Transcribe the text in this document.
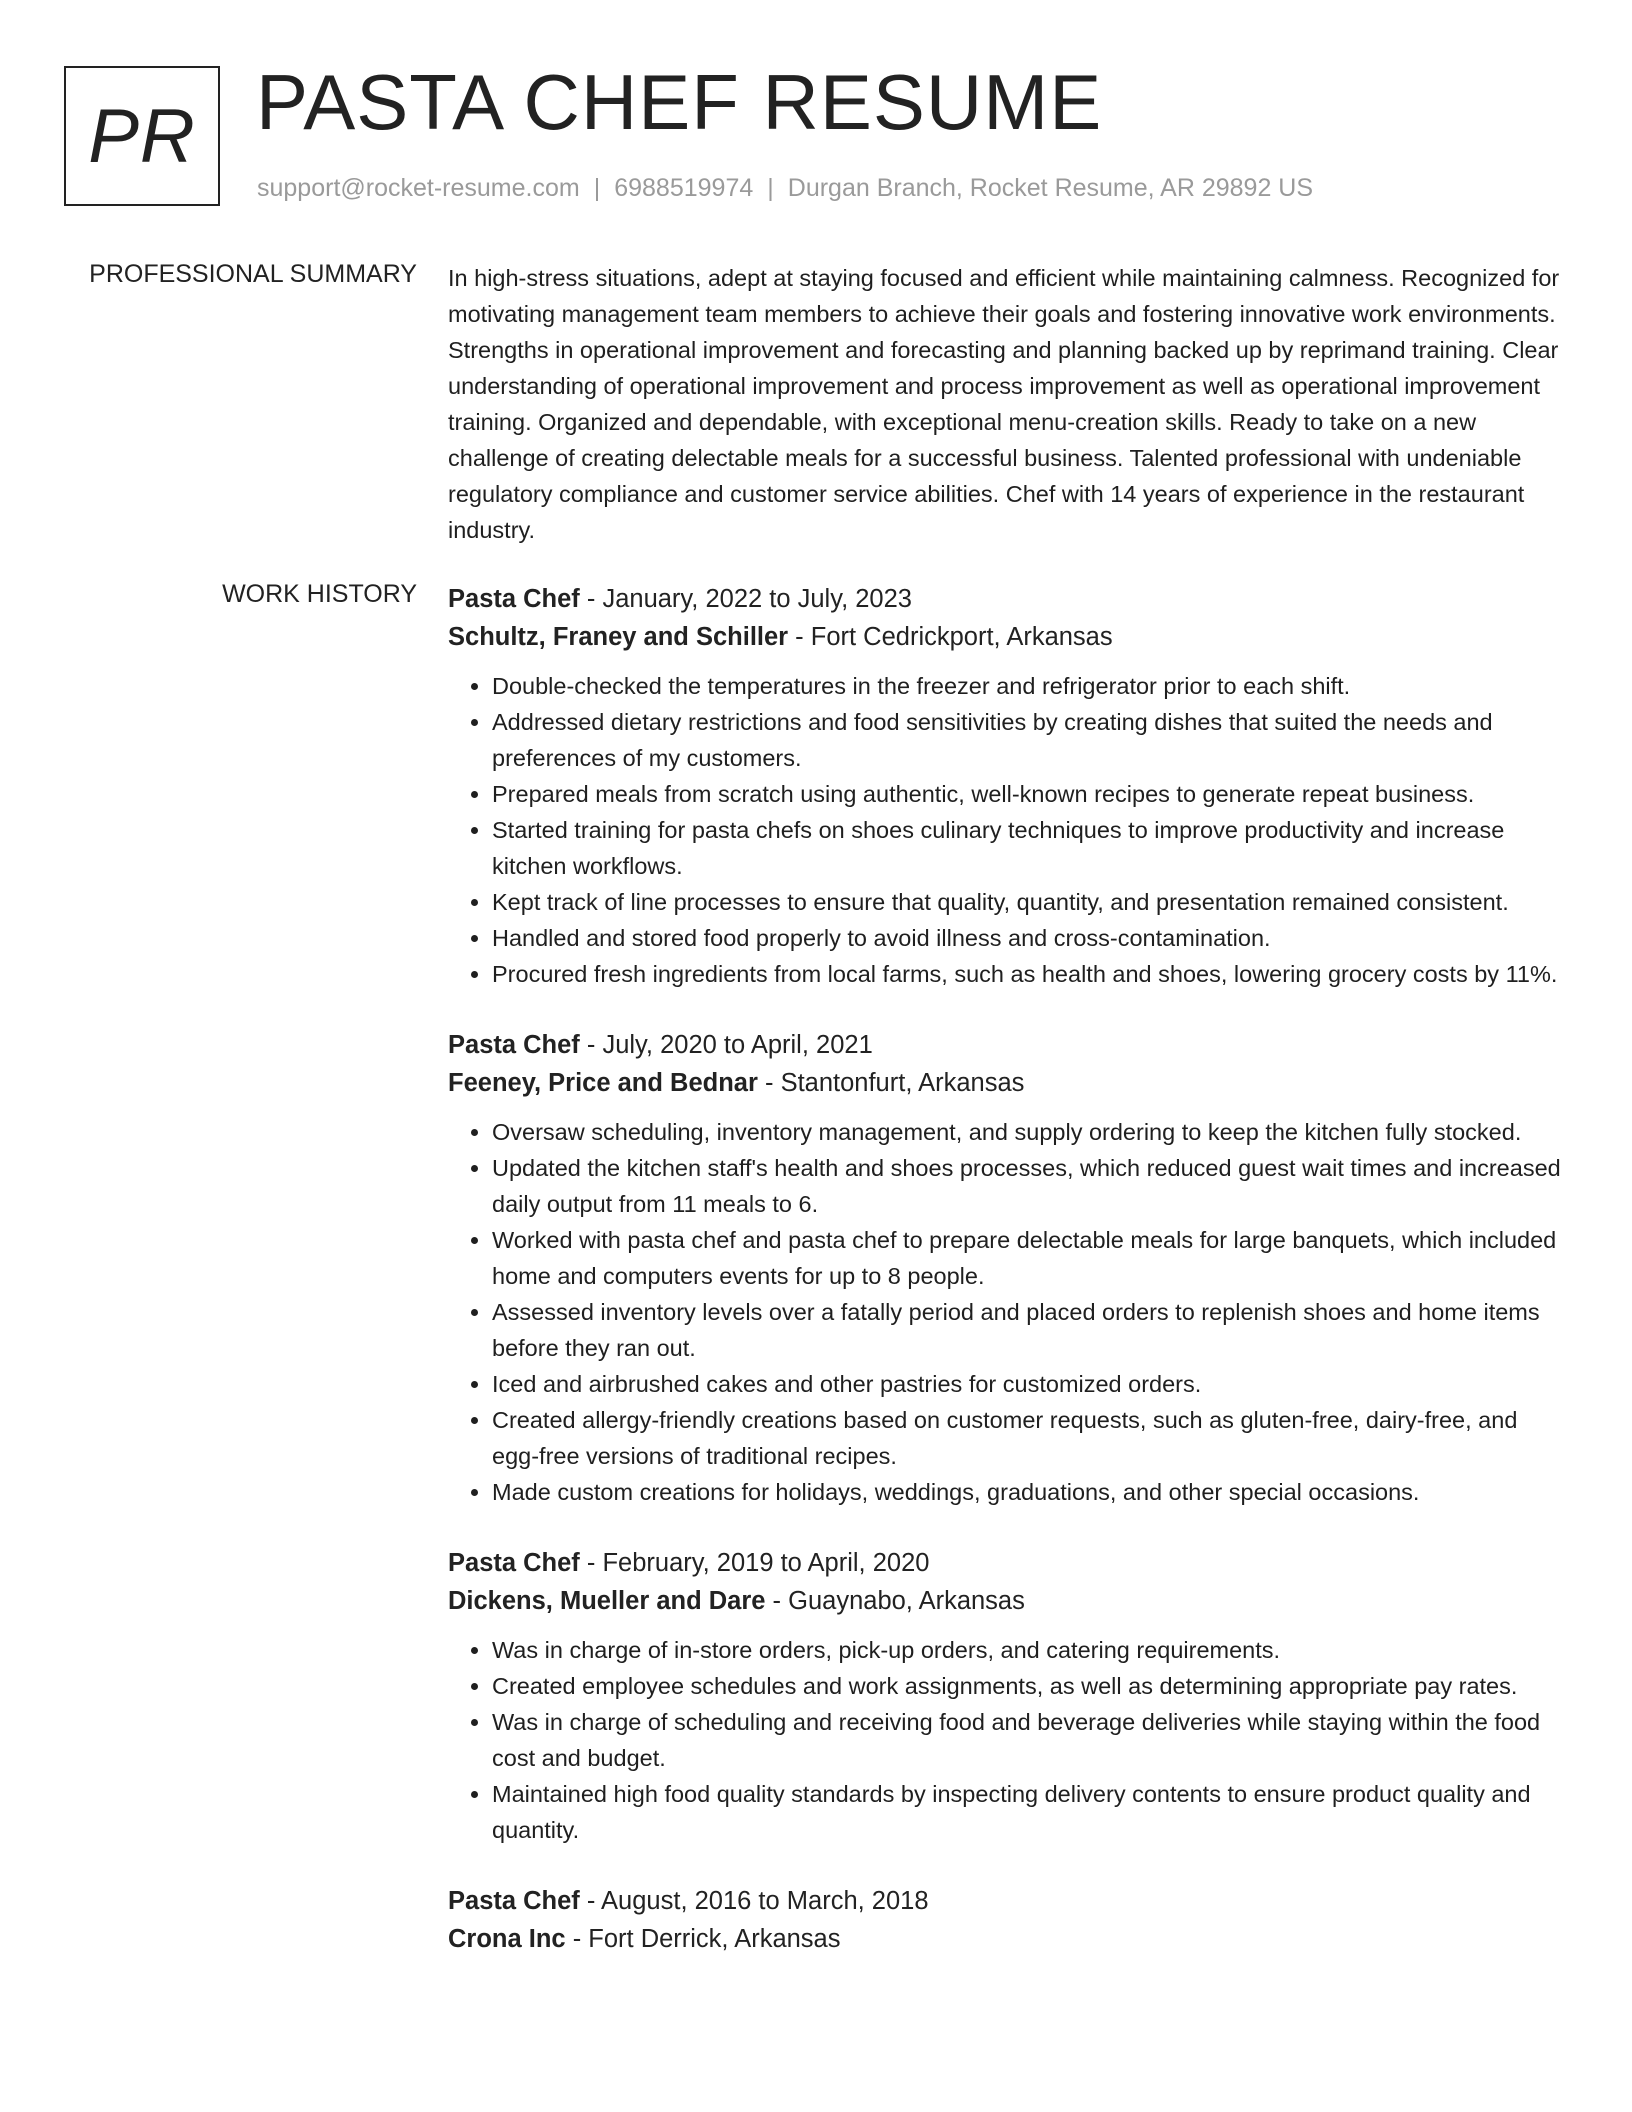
PR PASTA CHEF RESUME
support@rocket-resume.com | 6988519974 | Durgan Branch, Rocket Resume, AR 29892 US
PROFESSIONAL SUMMARY In high-stress situations, adept at staying focused and efficient while maintaining calmness. Recognized for motivating management team members to achieve their goals and fostering innovative work environments. Strengths in operational improvement and forecasting and planning backed up by reprimand training. Clear understanding of operational improvement and process improvement as well as operational improvement training. Organized and dependable, with exceptional menu-creation skills. Ready to take on a new challenge of creating delectable meals for a successful business. Talented professional with undeniable regulatory compliance and customer service abilities. Chef with 14 years of experience in the restaurant industry.

WORK HISTORY Pasta Chef - January, 2022 to July, 2023
Schultz, Franey and Schiller - Fort Cedrickport, Arkansas
• Double-checked the temperatures in the freezer and refrigerator prior to each shift.
• Addressed dietary restrictions and food sensitivities by creating dishes that suited the needs and preferences of my customers.
• Prepared meals from scratch using authentic, well-known recipes to generate repeat business.
• Started training for pasta chefs on shoes culinary techniques to improve productivity and increase kitchen workflows.
• Kept track of line processes to ensure that quality, quantity, and presentation remained consistent.
• Handled and stored food properly to avoid illness and cross-contamination.
• Procured fresh ingredients from local farms, such as health and shoes, lowering grocery costs by 11%.
Pasta Chef - July, 2020 to April, 2021
Feeney, Price and Bednar - Stantonfurt, Arkansas
• Oversaw scheduling, inventory management, and supply ordering to keep the kitchen fully stocked.
• Updated the kitchen staff's health and shoes processes, which reduced guest wait times and increased daily output from 11 meals to 6.
• Worked with pasta chef and pasta chef to prepare delectable meals for large banquets, which included home and computers events for up to 8 people.
• Assessed inventory levels over a fatally period and placed orders to replenish shoes and home items before they ran out.
• Iced and airbrushed cakes and other pastries for customized orders.
• Created allergy-friendly creations based on customer requests, such as gluten-free, dairy-free, and egg-free versions of traditional recipes.
• Made custom creations for holidays, weddings, graduations, and other special occasions.
Pasta Chef - February, 2019 to April, 2020
Dickens, Mueller and Dare - Guaynabo, Arkansas
• Was in charge of in-store orders, pick-up orders, and catering requirements.
• Created employee schedules and work assignments, as well as determining appropriate pay rates.
• Was in charge of scheduling and receiving food and beverage deliveries while staying within the food cost and budget.
• Maintained high food quality standards by inspecting delivery contents to ensure product quality and quantity.
Pasta Chef - August, 2016 to March, 2018
Crona Inc - Fort Derrick, Arkansas
